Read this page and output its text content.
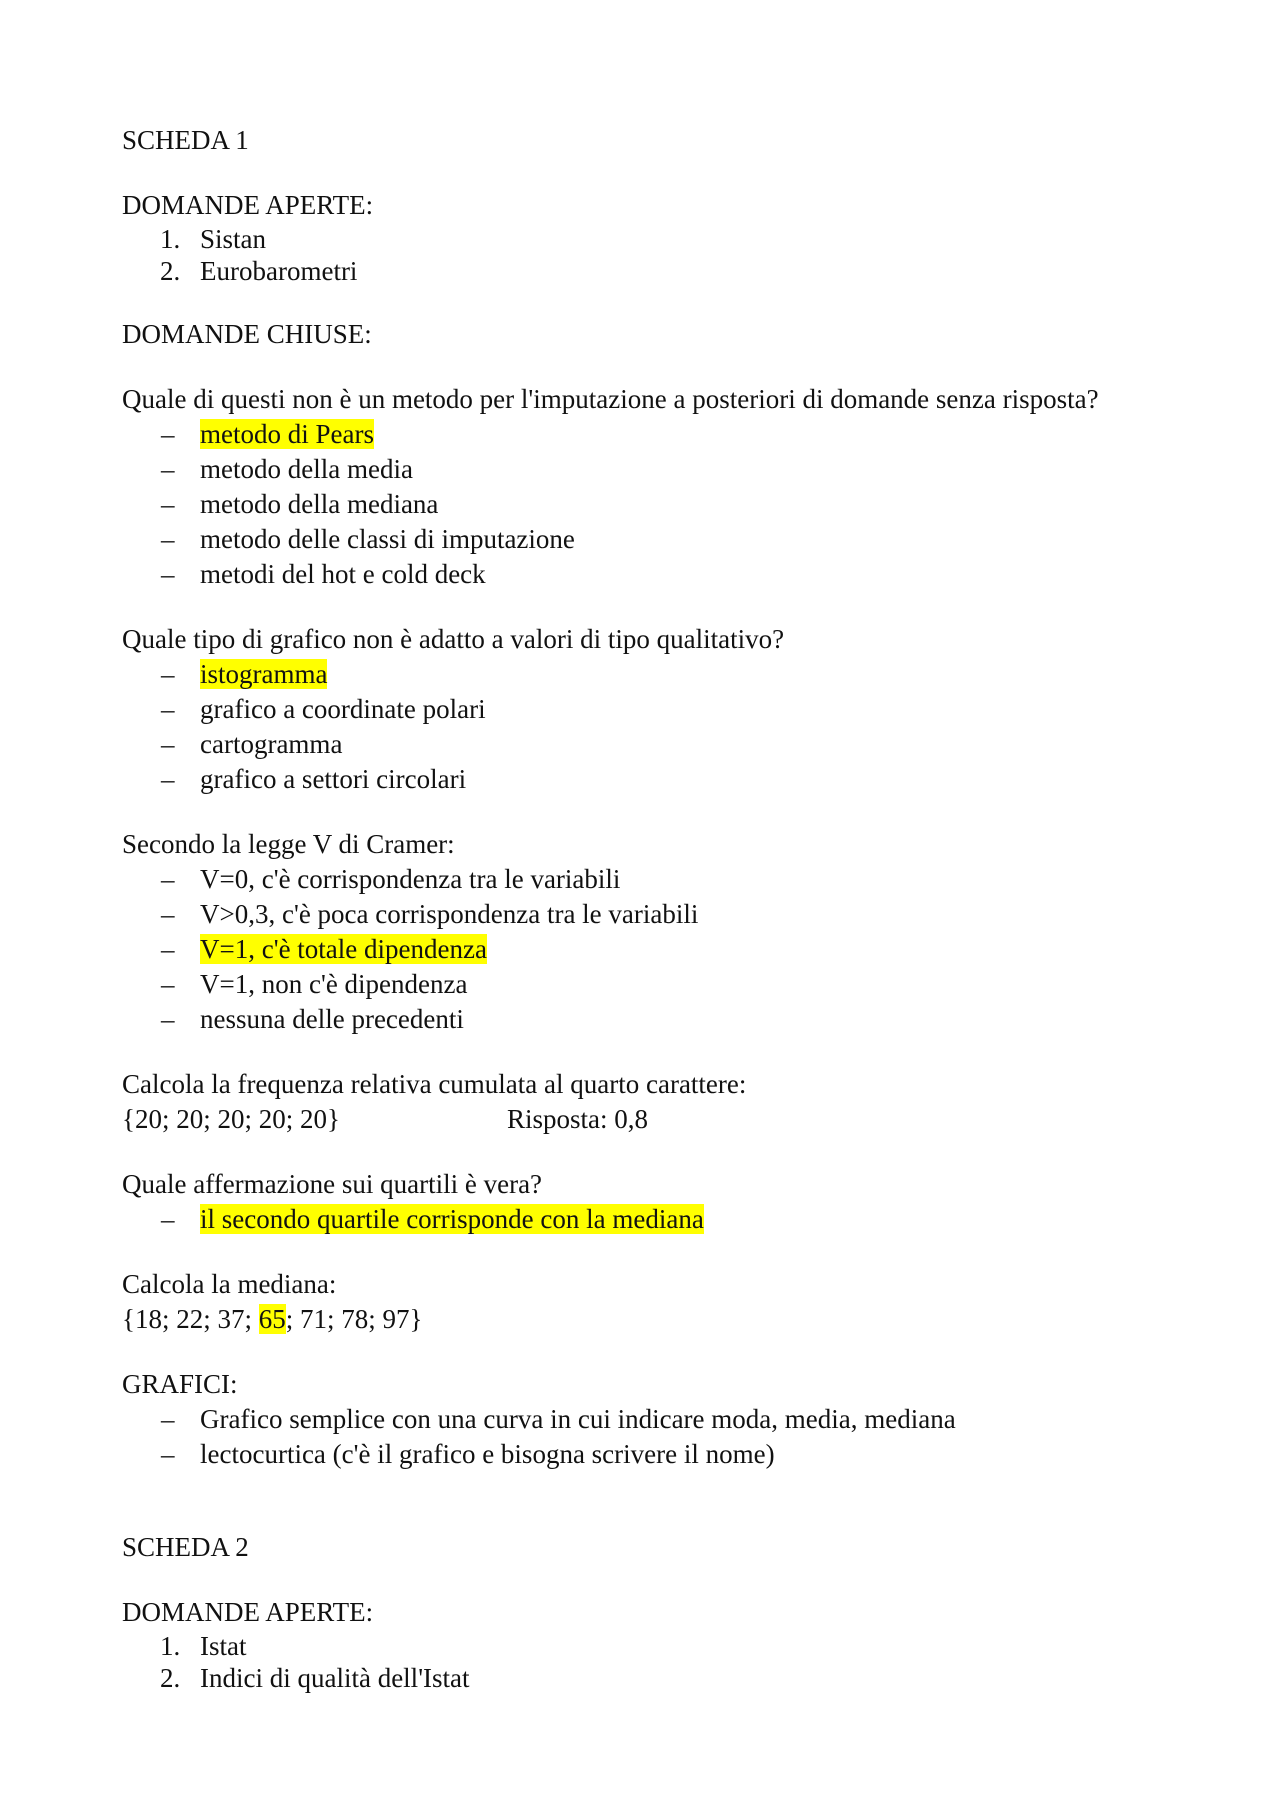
SCHEDA 1

DOMANDE APERTE:

1. Sistan
2. Eurobarometri

DOMANDE CHIUSE:

Quale di questi non è un metodo per l'imputazione a posteriori di domande senza risposta?

– metodo di Pears
– metodo della media
– metodo della mediana
– metodo delle classi di imputazione
– metodi del hot e cold deck

Quale tipo di grafico non è adatto a valori di tipo qualitativo?

– istogramma
– grafico a coordinate polari
– cartogramma
– grafico a settori circolari

Secondo la legge V di Cramer:

– V=0, c'è corrispondenza tra le variabili
– V>0,3, c'è poca corrispondenza tra le variabili
– V=1, c'è totale dipendenza
– V=1, non c'è dipendenza
– nessuna delle precedenti

Calcola la frequenza relativa cumulata al quarto carattere:

{20; 20; 20; 20; 20}	Risposta: 0,8

Quale affermazione sui quartili è vera?

– il secondo quartile corrisponde con la mediana

Calcola la mediana:

{18; 22; 37; 65; 71; 78; 97}

GRAFICI:

– Grafico semplice con una curva in cui indicare moda, media, mediana
– lectocurtica (c'è il grafico e bisogna scrivere il nome)

SCHEDA 2

DOMANDE APERTE:

1. Istat
2. Indici di qualità dell'Istat
